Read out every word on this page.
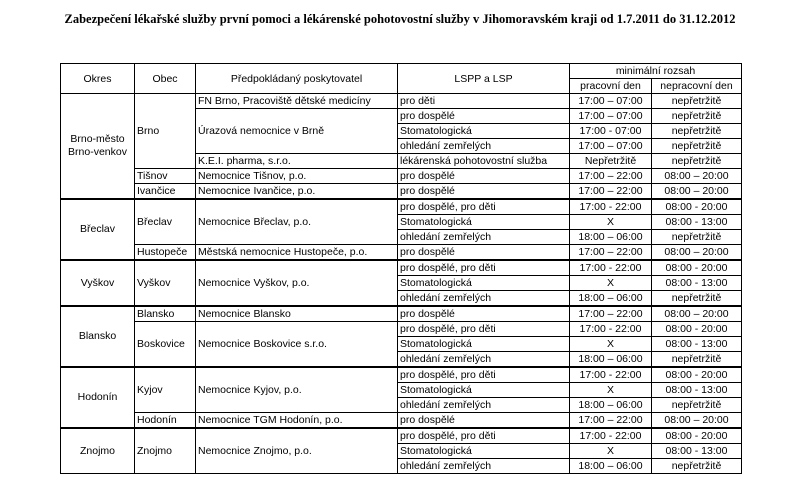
Zabezpečení lékařské služby první pomoci a lékárenské pohotovostní služby v Jihomoravském kraji od 1.7.2011 do 31.12.2012
Okres	Obec	Předpokládaný poskytovatel	LSPP a LSP	minimální rozsah	
				pracovní den	nepracovní den

Brno-město
Brno-venkov	Brno	FN Brno, Pracoviště dětské medicíny	pro děti	17:00 – 07:00	nepřetržitě
		Úrazová nemocnice v Brně	pro dospělé	17:00 – 07:00	nepřetržitě
			Stomatologická	17:00 - 07:00	nepřetržitě
			ohledání zemřelých	17:00 – 07:00	nepřetržitě
		K.E.I. pharma, s.r.o.	lékárenská pohotovostní služba	Nepřetržitě	nepřetržitě
	Tišnov	Nemocnice Tišnov, p.o.	pro dospělé	17:00 – 22:00	08:00 – 20:00
	Ivančice	Nemocnice Ivančice, p.o.	pro dospělé	17:00 – 22:00	08:00 – 20:00

Břeclav	Břeclav	Nemocnice Břeclav, p.o.	pro dospělé, pro děti	17:00 - 22:00	08:00 - 20:00
			Stomatologická	X	08:00 - 13:00
			ohledání zemřelých	18:00 – 06:00	nepřetržitě
	Hustopeče	Městská nemocnice Hustopeče, p.o.	pro dospělé	17:00 – 22:00	08:00 – 20:00

Vyškov	Vyškov	Nemocnice Vyškov, p.o.	pro dospělé, pro děti	17:00 - 22:00	08:00 - 20:00
			Stomatologická	X	08:00 - 13:00
			ohledání zemřelých	18:00 – 06:00	nepřetržitě

Blansko	Blansko	Nemocnice Blansko	pro dospělé	17:00 – 22:00	08:00 – 20:00
	Boskovice	Nemocnice Boskovice s.r.o.	pro dospělé, pro děti	17:00 - 22:00	08:00 - 20:00
			Stomatologická	X	08:00 - 13:00
			ohledání zemřelých	18:00 – 06:00	nepřetržitě

Hodonín	Kyjov	Nemocnice Kyjov, p.o.	pro dospělé, pro děti	17:00 - 22:00	08:00 - 20:00
			Stomatologická	X	08:00 - 13:00
			ohledání zemřelých	18:00 – 06:00	nepřetržitě
	Hodonín	Nemocnice TGM Hodonín, p.o.	pro dospělé	17:00 – 22:00	08:00 – 20:00

Znojmo	Znojmo	Nemocnice Znojmo, p.o.	pro dospělé, pro děti	17:00 - 22:00	08:00 - 20:00
			Stomatologická	X	08:00 - 13:00
			ohledání zemřelých	18:00 – 06:00	nepřetržitě
